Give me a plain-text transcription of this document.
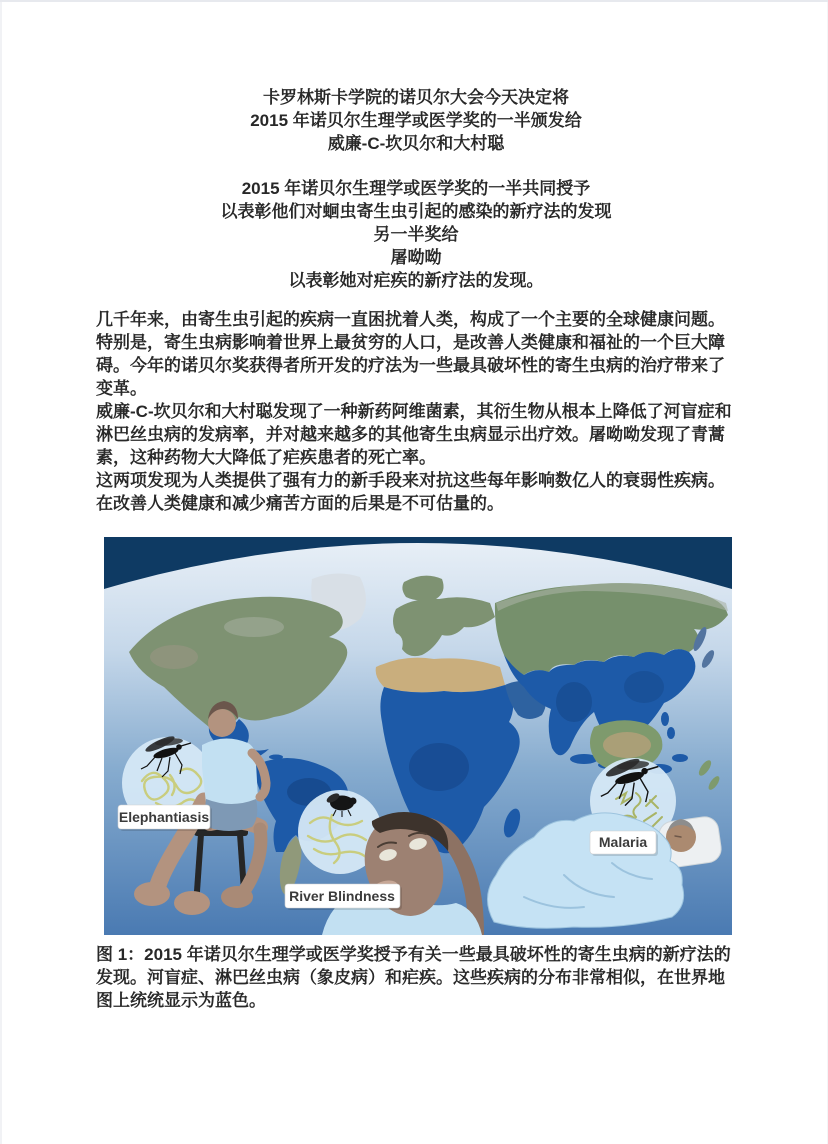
卡罗林斯卡学院的诺贝尔大会今天决定将
2015 年诺贝尔生理学或医学奖的一半颁发给
威廉-C-坎贝尔和大村聪
2015 年诺贝尔生理学或医学奖的一半共同授予
以表彰他们对蛔虫寄生虫引起的感染的新疗法的发现
另一半奖给
屠呦呦
以表彰她对疟疾的新疗法的发现。

几千年来，由寄生虫引起的疾病一直困扰着人类，构成了一个主要的全球健康问题。特别是，寄生虫病影响着世界上最贫穷的人口，是改善人类健康和福祉的一个巨大障碍。今年的诺贝尔奖获得者所开发的疗法为一些最具破坏性的寄生虫病的治疗带来了变革。

威廉-C-坎贝尔和大村聪发现了一种新药阿维菌素，其衍生物从根本上降低了河盲症和淋巴丝虫病的发病率，并对越来越多的其他寄生虫病显示出疗效。屠呦呦发现了青蒿素，这种药物大大降低了疟疾患者的死亡率。

这两项发现为人类提供了强有力的新手段来对抗这些每年影响数亿人的衰弱性疾病。在改善人类健康和减少痛苦方面的后果是不可估量的。

Elephantiasis
River Blindness
Malaria

图 1：2015 年诺贝尔生理学或医学奖授予有关一些最具破坏性的寄生虫病的新疗法的发现。河盲症、淋巴丝虫病（象皮病）和疟疾。这些疾病的分布非常相似，在世界地图上统统显示为蓝色。
